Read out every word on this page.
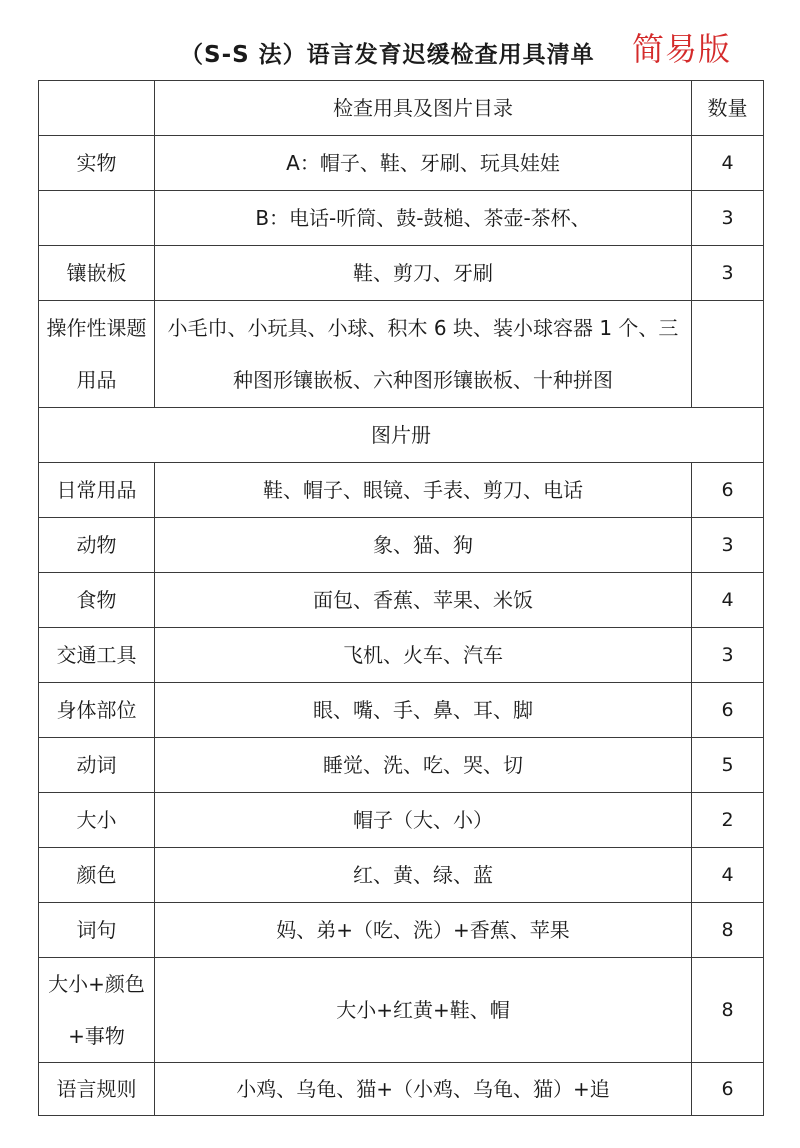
（S-S 法）语言发育迟缓检查用具清单 简易版
	检查用具及图片目录	数量
实物	A：帽子、鞋、牙刷、玩具娃娃	4
	B：电话-听筒、鼓-鼓槌、茶壶-茶杯、	3
镶嵌板	鞋、剪刀、牙刷	3
操作性课题用品	小毛巾、小玩具、小球、积木 6 块、装小球容器 1 个、三种图形镶嵌板、六种图形镶嵌板、十种拼图	
图片册		
日常用品	鞋、帽子、眼镜、手表、剪刀、电话	6
动物	象、猫、狗	3
食物	面包、香蕉、苹果、米饭	4
交通工具	飞机、火车、汽车	3
身体部位	眼、嘴、手、鼻、耳、脚	6
动词	睡觉、洗、吃、哭、切	5
大小	帽子（大、小）	2
颜色	红、黄、绿、蓝	4
词句	妈、弟+（吃、洗）+香蕉、苹果	8
大小+颜色+事物	大小+红黄+鞋、帽	8
语言规则	小鸡、乌龟、猫+（小鸡、乌龟、猫）+追	6
